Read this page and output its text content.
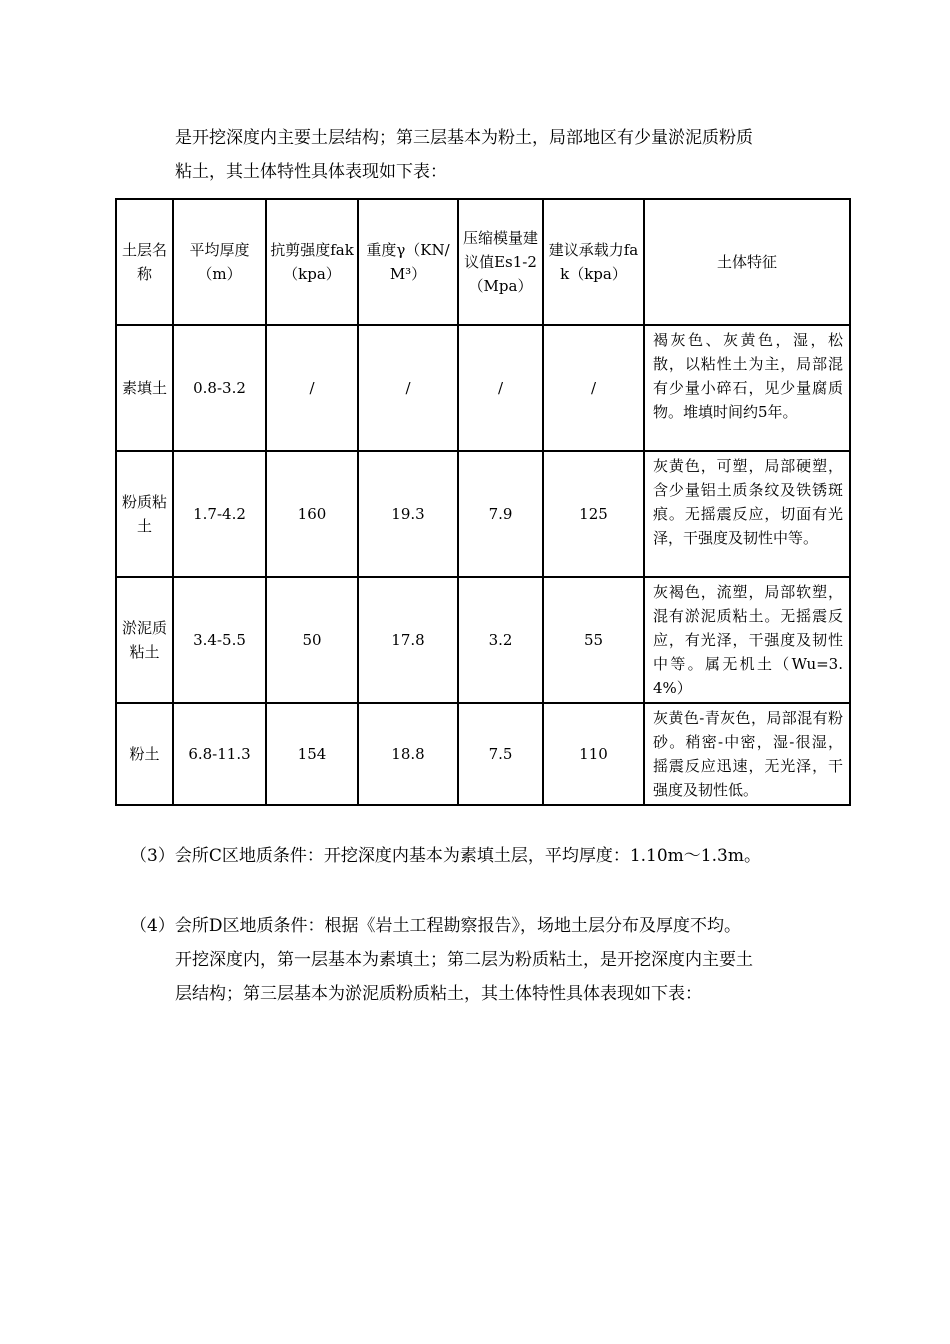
是开挖深度内主要土层结构；第三层基本为粉土，局部地区有少量淤泥质粉质
粘土，其土体特性具体表现如下表：

土层名称	平均厚度（m）	抗剪强度fak（kpa）	重度γ（KN/M³）	压缩模量建议值Es1-2（Mpa）	建议承载力fak（kpa）	土体特征
素填土	0.8-3.2	/	/	/	/	褐灰色、灰黄色，湿，松散，以粘性土为主，局部混有少量小碎石，见少量腐质物。堆填时间约5年。
粉质粘土	1.7-4.2	160	19.3	7.9	125	灰黄色，可塑，局部硬塑，含少量铝土质条纹及铁锈斑痕。无摇震反应，切面有光泽，干强度及韧性中等。
淤泥质粘土	3.4-5.5	50	17.8	3.2	55	灰褐色，流塑，局部软塑，混有淤泥质粘土。无摇震反应，有光泽，干强度及韧性中等。属无机土（Wu=3.4%）
粉土	6.8-11.3	154	18.8	7.5	110	灰黄色-青灰色，局部混有粉砂。稍密-中密，湿-很湿，摇震反应迅速，无光泽，干强度及韧性低。

（3）会所C区地质条件：开挖深度内基本为素填土层，平均厚度：1.10m～1.3m。

（4）会所D区地质条件：根据《岩土工程勘察报告》，场地土层分布及厚度不均。

开挖深度内，第一层基本为素填土；第二层为粉质粘土，是开挖深度内主要土
层结构；第三层基本为淤泥质粉质粘土，其土体特性具体表现如下表：
